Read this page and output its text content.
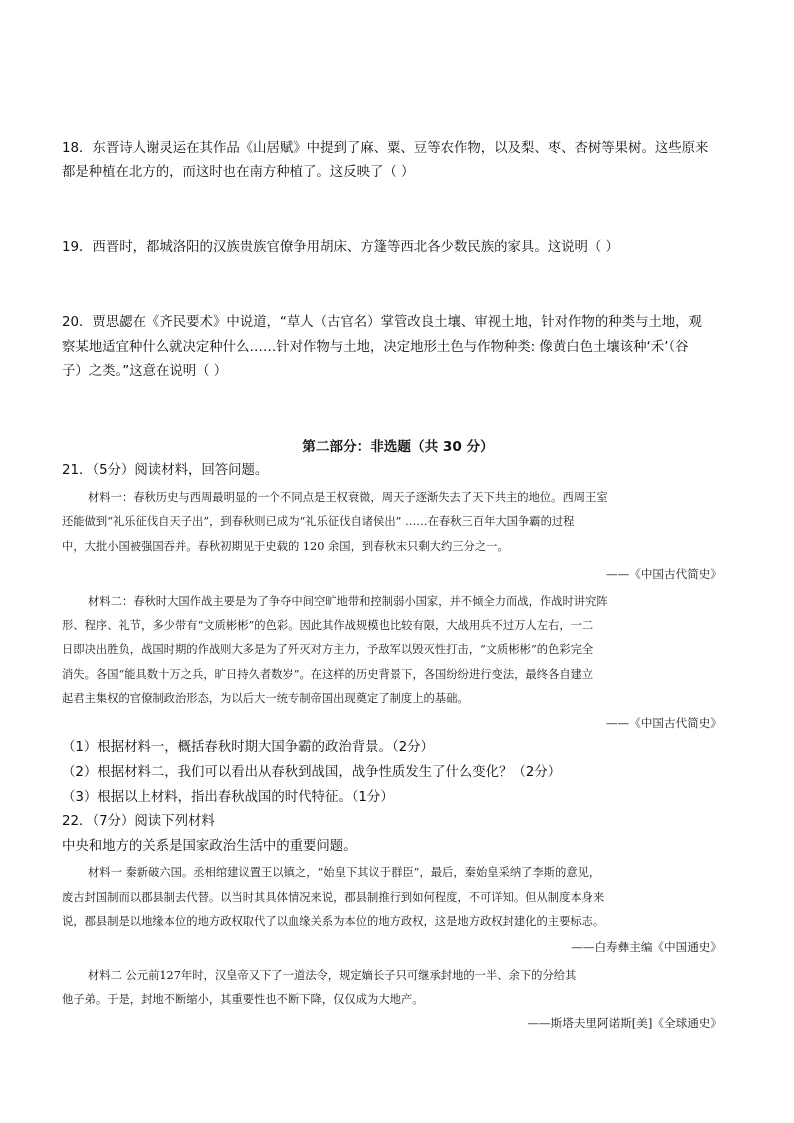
18．东晋诗人谢灵运在其作品《山居赋》中提到了麻、粟、豆等农作物，以及梨、枣、杏树等果树。这些原来
都是种植在北方的，而这时也在南方种植了。这反映了（ ）
19．西晋时，都城洛阳的汉族贵族官僚争用胡床、方篷等西北各少数民族的家具。这说明（ ）
20．贾思勰在《齐民要术》中说道，“草人（古官名）掌管改良土壤、审视土地，针对作物的种类与土地，观
察某地适宜种什么就决定种什么……针对作物与土地，决定地形土色与作物种类: 像黄白色土壤该种‘禾’（谷
子）之类。”这意在说明（ ）
第二部分：非选题（共 30 分）
21．（5分）阅读材料，回答问题。
材料一：春秋历史与西周最明显的一个不同点是王权衰微，周天子逐渐失去了天下共主的地位。西周王室
还能做到“礼乐征伐自天子出”，到春秋则已成为“礼乐征伐自诸侯出” ……在春秋三百年大国争霸的过程
中，大批小国被强国吞并。春秋初期见于史载的 120 余国，到春秋末只剩大约三分之一。
——《中国古代简史》
材料二：春秋时大国作战主要是为了争夺中间空旷地带和控制弱小国家，并不倾全力而战，作战时讲究阵
形、程序、礼节，多少带有“文质彬彬”的色彩。因此其作战规模也比较有限，大战用兵不过万人左右，一二
日即决出胜负，战国时期的作战则大多是为了歼灭对方主力，予敌军以毁灭性打击，“文质彬彬”的色彩完全
消失。各国“能具数十万之兵，旷日持久者数岁”。在这样的历史背景下，各国纷纷进行变法，最终各自建立
起君主集权的官僚制政治形态，为以后大一统专制帝国出现奠定了制度上的基础。
——《中国古代简史》
（1）根据材料一，概括春秋时期大国争霸的政治背景。（2分）
（2）根据材料二，我们可以看出从春秋到战国，战争性质发生了什么变化？（2分）
（3）根据以上材料，指出春秋战国的时代特征。（1分）
22．（7分）阅读下列材料
中央和地方的关系是国家政治生活中的重要问题。
材料一 秦新破六国。丞相绾建议置王以镇之，“始皇下其议于群臣”，最后，秦始皇采纳了李斯的意见，
废古封国制而以郡县制去代替。以当时其具体情况来说，郡县制推行到如何程度，不可详知。但从制度本身来
说，郡县制是以地缘本位的地方政权取代了以血缘关系为本位的地方政权，这是地方政权封建化的主要标志。
——白寿彝主编《中国通史》
材料二 公元前127年时，汉皇帝又下了一道法令，规定嫡长子只可继承封地的一半、余下的分给其
他子弟。于是，封地不断缩小，其重要性也不断下降，仅仅成为大地产。
——斯塔夫里阿诺斯[美]《全球通史》
